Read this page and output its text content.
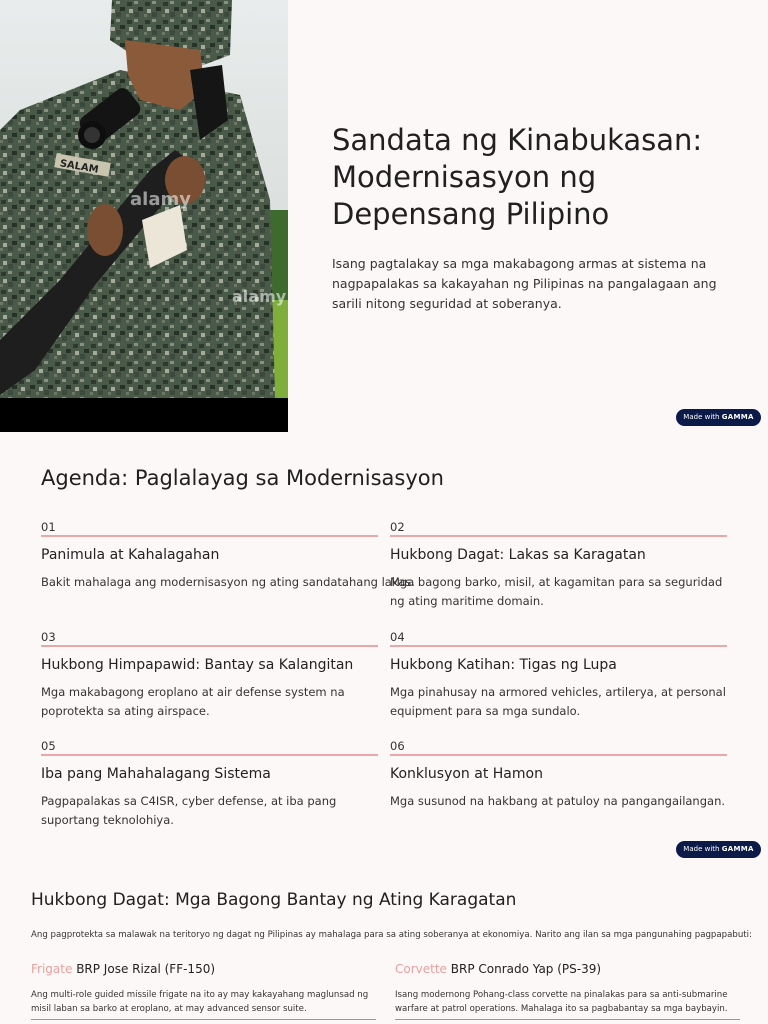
SALAM
alamy
alamy
Sandata ng Kinabukasan: Modernisasyon ng Depensang Pilipino

Isang pagtalakay sa mga makabagong armas at sistema na nagpapalakas sa kakayahan ng Pilipinas na pangalagaan ang sarili nitong seguridad at soberanya.

Made with GAMMA
Agenda: Paglalayag sa Modernisasyon
01
Panimula at Kahalagahan
Bakit mahalaga ang modernisasyon ng ating sandatahang lakas.
02
Hukbong Dagat: Lakas sa Karagatan
Mga bagong barko, misil, at kagamitan para sa seguridad ng ating maritime domain.
03
Hukbong Himpapawid: Bantay sa Kalangitan
Mga makabagong eroplano at air defense system na poprotekta sa ating airspace.
04
Hukbong Katihan: Tigas ng Lupa
Mga pinahusay na armored vehicles, artilerya, at personal equipment para sa mga sundalo.
05
Iba pang Mahahalagang Sistema
Pagpapalakas sa C4ISR, cyber defense, at iba pang suportang teknolohiya.
06
Konklusyon at Hamon
Mga susunod na hakbang at patuloy na pangangailangan.
Made with GAMMA
Hukbong Dagat: Mga Bagong Bantay ng Ating Karagatan
Ang pagprotekta sa malawak na teritoryo ng dagat ng Pilipinas ay mahalaga para sa ating soberanya at ekonomiya. Narito ang ilan sa mga pangunahing pagpapabuti:
Frigate BRP Jose Rizal (FF-150)
Ang multi-role guided missile frigate na ito ay may kakayahang maglunsad ng misil laban sa barko at eroplano, at may advanced sensor suite.
Corvette BRP Conrado Yap (PS-39)
Isang modernong Pohang-class corvette na pinalakas para sa anti-submarine warfare at patrol operations. Mahalaga ito sa pagbabantay sa mga baybayin.
